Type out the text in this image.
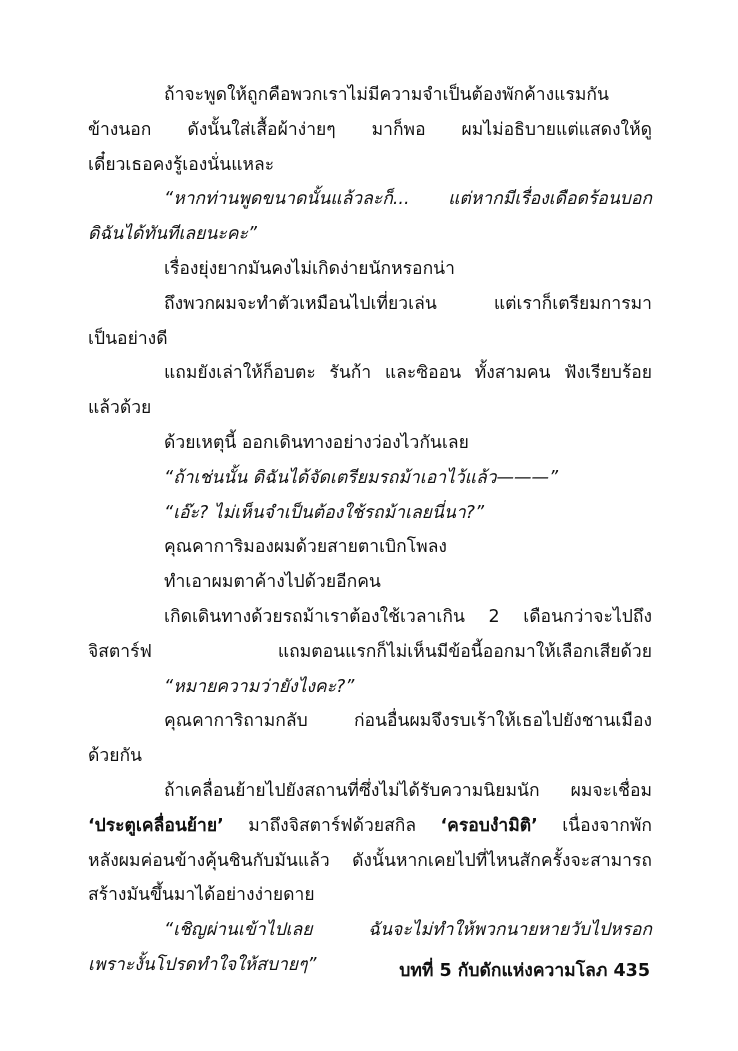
ถ้าจะพูดให้ถูกคือพวกเราไม่มีความจำเป็นต้องพักค้างแรมกัน
ข้างนอก ดังนั้นใส่เสื้อผ้าง่ายๆ มาก็พอ ผมไม่อธิบายแต่แสดงให้ดู
เดี๋ยวเธอคงรู้เองนั่นแหละ
“หากท่านพูดขนาดนั้นแล้วละก็... แต่หากมีเรื่องเดือดร้อนบอก
ดิฉันได้ทันทีเลยนะคะ”
เรื่องยุ่งยากมันคงไม่เกิดง่ายนักหรอกน่า
ถึงพวกผมจะทำตัวเหมือนไปเที่ยวเล่น แต่เราก็เตรียมการมา
เป็นอย่างดี
แถมยังเล่าให้ก็อบตะ รันก้า และซิออน ทั้งสามคน ฟังเรียบร้อย
แล้วด้วย
ด้วยเหตุนี้ ออกเดินทางอย่างว่องไวกันเลย
“ถ้าเช่นนั้น ดิฉันได้จัดเตรียมรถม้าเอาไว้แล้ว———”
“เอ๊ะ? ไม่เห็นจำเป็นต้องใช้รถม้าเลยนี่นา?”
คุณคาการิมองผมด้วยสายตาเบิกโพลง
ทำเอาผมตาค้างไปด้วยอีกคน
เกิดเดินทางด้วยรถม้าเราต้องใช้เวลาเกิน 2 เดือนกว่าจะไปถึง
จิสตาร์ฟ แถมตอนแรกก็ไม่เห็นมีข้อนี้ออกมาให้เลือกเสียด้วย
“หมายความว่ายังไงคะ?”
คุณคาการิถามกลับ ก่อนอื่นผมจึงรบเร้าให้เธอไปยังชานเมือง
ด้วยกัน
ถ้าเคลื่อนย้ายไปยังสถานที่ซึ่งไม่ได้รับความนิยมนัก ผมจะเชื่อม
‘ประตูเคลื่อนย้าย’ มาถึงจิสตาร์ฟด้วยสกิล ‘ครอบงำมิติ’ เนื่องจากพัก
หลังผมค่อนข้างคุ้นชินกับมันแล้ว ดังนั้นหากเคยไปที่ไหนสักครั้งจะสามารถ
สร้างมันขึ้นมาได้อย่างง่ายดาย
“เชิญผ่านเข้าไปเลย ฉันจะไม่ทำให้พวกนายหายวับไปหรอก
เพราะงั้นโปรดทำใจให้สบายๆ”	บทที่ 5 กับดักแห่งความโลภ 435
